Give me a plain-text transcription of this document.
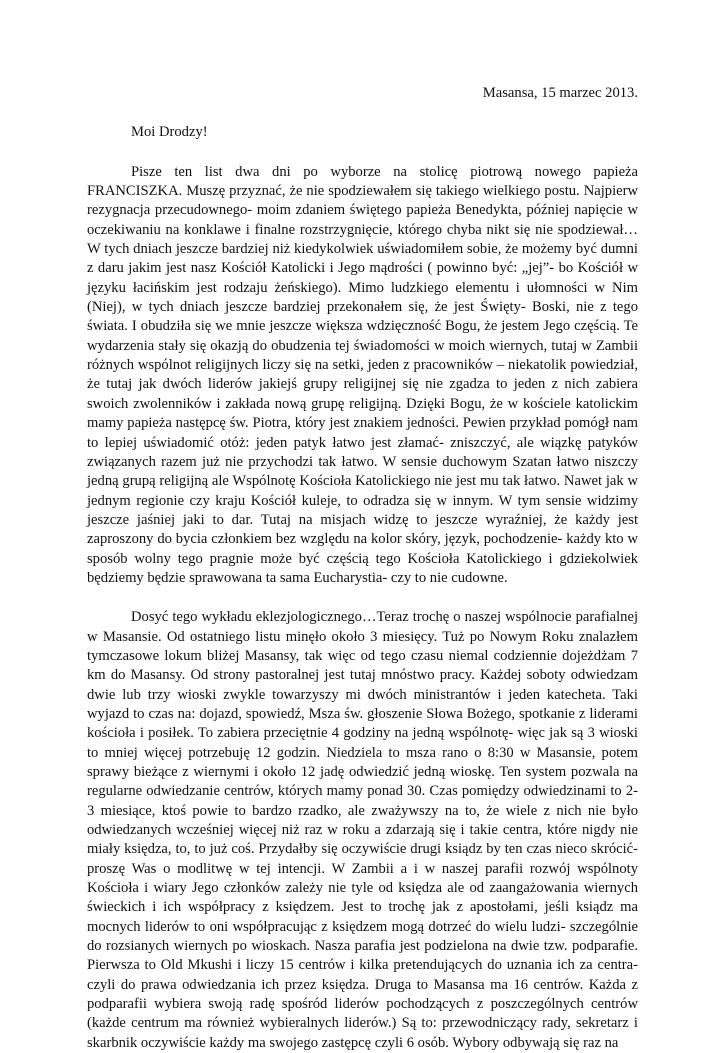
Masansa, 15 marzec 2013.

Moi Drodzy!

Pisze ten list dwa dni po wyborze na stolicę piotrową nowego papieża FRANCISZKA. Muszę przyznać, że nie spodziewałem się takiego wielkiego postu. Najpierw rezygnacja przecudownego- moim zdaniem świętego papieża Benedykta, później napięcie w oczekiwaniu na konklawe i finalne rozstrzygnięcie, którego chyba nikt się nie spodziewał… W tych dniach jeszcze bardziej niż kiedykolwiek uświadomiłem sobie, że możemy być dumni z daru jakim jest nasz Kościół Katolicki i Jego mądrości ( powinno być: „jej”- bo Kościół w języku łacińskim jest rodzaju żeńskiego). Mimo ludzkiego elementu i ułomności w Nim (Niej), w tych dniach jeszcze bardziej przekonałem się, że jest Święty- Boski, nie z tego świata. I obudziła się we mnie jeszcze większa wdzięczność Bogu, że jestem Jego częścią. Te wydarzenia stały się okazją do obudzenia tej świadomości w moich wiernych, tutaj w Zambii różnych wspólnot religijnych liczy się na setki, jeden z pracowników – niekatolik powiedział, że tutaj jak dwóch liderów jakiejś grupy religijnej się nie zgadza to jeden z nich zabiera swoich zwolenników i zakłada nową grupę religijną. Dzięki Bogu, że w kościele katolickim mamy papieża następcę św. Piotra, który jest znakiem jedności. Pewien przykład pomógł nam to lepiej uświadomić otóż: jeden patyk łatwo jest złamać- zniszczyć, ale wiązkę patyków związanych razem już nie przychodzi tak łatwo. W sensie duchowym Szatan łatwo niszczy jedną grupą religijną ale Wspólnotę Kościoła Katolickiego nie jest mu tak łatwo. Nawet jak w jednym regionie czy kraju Kościół kuleje, to odradza się w innym. W tym sensie widzimy jeszcze jaśniej jaki to dar. Tutaj na misjach widzę to jeszcze wyraźniej, że każdy jest zaproszony do bycia członkiem bez względu na kolor skóry, język, pochodzenie- każdy kto w sposób wolny tego pragnie może być częścią tego Kościoła Katolickiego i gdziekolwiek będziemy będzie sprawowana ta sama Eucharystia- czy to nie cudowne.

Dosyć tego wykładu eklezjologicznego…Teraz trochę o naszej wspólnocie parafialnej w Masansie. Od ostatniego listu minęło około 3 miesięcy. Tuż po Nowym Roku znalazłem tymczasowe lokum bliżej Masansy, tak więc od tego czasu niemal codziennie dojeżdżam 7 km do Masansy. Od strony pastoralnej jest tutaj mnóstwo pracy. Każdej soboty odwiedzam dwie lub trzy wioski zwykle towarzyszy mi dwóch ministrantów i jeden katecheta. Taki wyjazd to czas na: dojazd, spowiedź, Msza św. głoszenie Słowa Bożego, spotkanie z liderami kościoła i posiłek. To zabiera przeciętnie 4 godziny na jedną wspólnotę- więc jak są 3 wioski to mniej więcej potrzebuję 12 godzin. Niedziela to msza rano o 8:30 w Masansie, potem sprawy bieżące z wiernymi i około 12 jadę odwiedzić jedną wioskę. Ten system pozwala na regularne odwiedzanie centrów, których mamy ponad 30. Czas pomiędzy odwiedzinami to 2-3 miesiące, ktoś powie to bardzo rzadko, ale zważywszy na to, że wiele z nich nie było odwiedzanych wcześniej więcej niż raz w roku a zdarzają się i takie centra, które nigdy nie miały księdza, to, to już coś. Przydałby się oczywiście drugi ksiądz by ten czas nieco skrócić- proszę Was o modlitwę w tej intencji. W Zambii a i w naszej parafii rozwój wspólnoty Kościoła i wiary Jego członków zależy nie tyle od księdza ale od zaangażowania wiernych świeckich i ich współpracy z księdzem. Jest to trochę jak z apostołami, jeśli ksiądz ma mocnych liderów to oni współpracując z księdzem mogą dotrzeć do wielu ludzi- szczególnie do rozsianych wiernych po wioskach. Nasza parafia jest podzielona na dwie tzw. podparafie. Pierwsza to Old Mkushi i liczy 15 centrów i kilka pretendujących do uznania ich za centra- czyli do prawa odwiedzania ich przez księdza. Druga to Masansa ma 16 centrów. Każda z podparafii wybiera swoją radę spośród liderów pochodzących z poszczególnych centrów (każde centrum ma również wybieralnych liderów.) Są to: przewodniczący rady, sekretarz i skarbnik oczywiście każdy ma swojego zastępcę czyli 6 osób. Wybory odbywają się raz na
